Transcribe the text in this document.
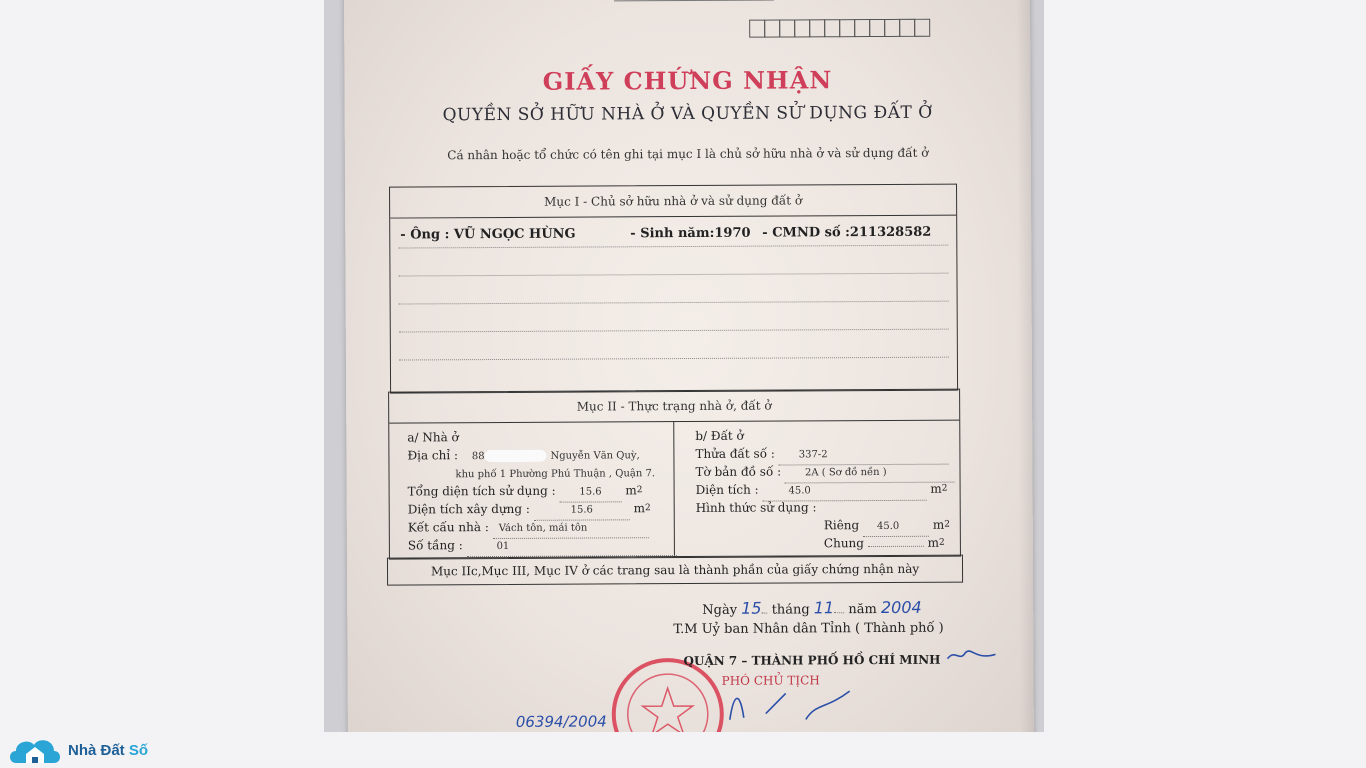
GIẤY CHỨNG NHẬN
QUYỀN SỞ HỮU NHÀ Ở VÀ QUYỀN SỬ DỤNG ĐẤT Ở
Cá nhân hoặc tổ chức có tên ghi tại mục I là chủ sở hữu nhà ở và sử dụng đất ở
Mục I - Chủ sở hữu nhà ở và sử dụng đất ở
- Ông : VŨ NGỌC HÙNG	- Sinh năm:1970 - CMND số :211328582
Mục II - Thực trạng nhà ở, đất ở
a/ Nhà ở
Địa chỉ : 88	Nguyễn Văn Quỳ,
khu phố 1 Phường Phú Thuận , Quận 7.
Tổng diện tích sử dụng : 15.6 $m^2$
Diện tích xây dựng :	15.6	$m^2$
Kết cấu nhà : Vách tôn, mái tôn
Số tầng :	01
b/ Đất ở
Thửa đất số : 337-2
Tờ bản đồ số : 2A ( Sơ đồ nền )
Diện tích :	45.0	$m^2$
Hình thức sử dụng :
Riêng 45.0	$m^2$
Chung	$m^2$
Mục IIc,Mục III, Mục IV ở các trang sau là thành phần của giấy chứng nhận này
Ngày 15 tháng 11 năm 2004
T.M Uỷ ban Nhân dân Tỉnh ( Thành phố )
QUẬN 7 – THÀNH PHỐ HỒ CHÍ MINH
PHÓ CHỦ TỊCH
06394/2004
Nhà Đất Số
